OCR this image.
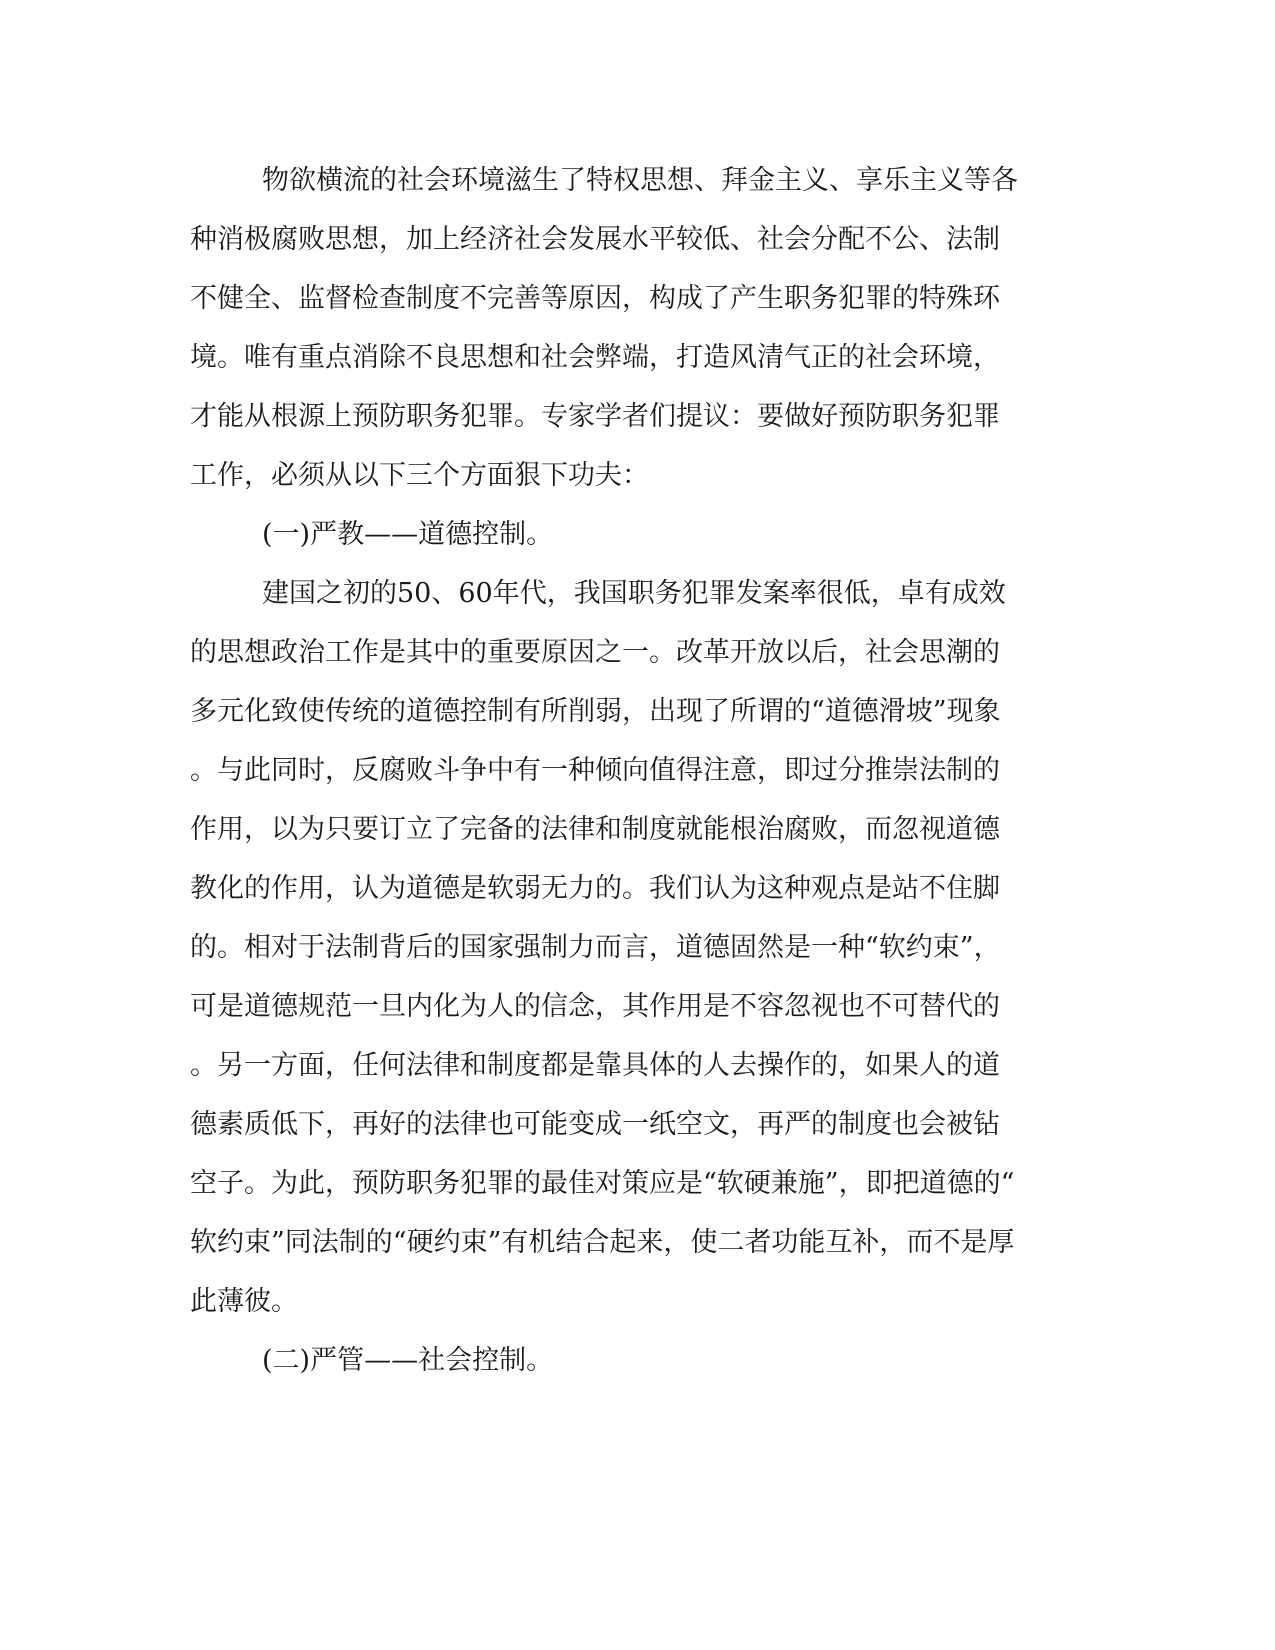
物欲横流的社会环境滋生了特权思想、拜金主义、享乐主义等各
种消极腐败思想，加上经济社会发展水平较低、社会分配不公、法制
不健全、监督检查制度不完善等原因，构成了产生职务犯罪的特殊环
境。唯有重点消除不良思想和社会弊端，打造风清气正的社会环境，
才能从根源上预防职务犯罪。专家学者们提议：要做好预防职务犯罪
工作，必须从以下三个方面狠下功夫：
(一)严教——道德控制。
建国之初的50、60年代，我国职务犯罪发案率很低，卓有成效
的思想政治工作是其中的重要原因之一。改革开放以后，社会思潮的
多元化致使传统的道德控制有所削弱，出现了所谓的“道德滑坡”现象
。与此同时，反腐败斗争中有一种倾向值得注意，即过分推崇法制的
作用，以为只要订立了完备的法律和制度就能根治腐败，而忽视道德
教化的作用，认为道德是软弱无力的。我们认为这种观点是站不住脚
的。相对于法制背后的国家强制力而言，道德固然是一种“软约束”，
可是道德规范一旦内化为人的信念，其作用是不容忽视也不可替代的
。另一方面，任何法律和制度都是靠具体的人去操作的，如果人的道
德素质低下，再好的法律也可能变成一纸空文，再严的制度也会被钻
空子。为此，预防职务犯罪的最佳对策应是“软硬兼施”，即把道德的“
软约束”同法制的“硬约束”有机结合起来，使二者功能互补，而不是厚
此薄彼。
(二)严管——社会控制。
